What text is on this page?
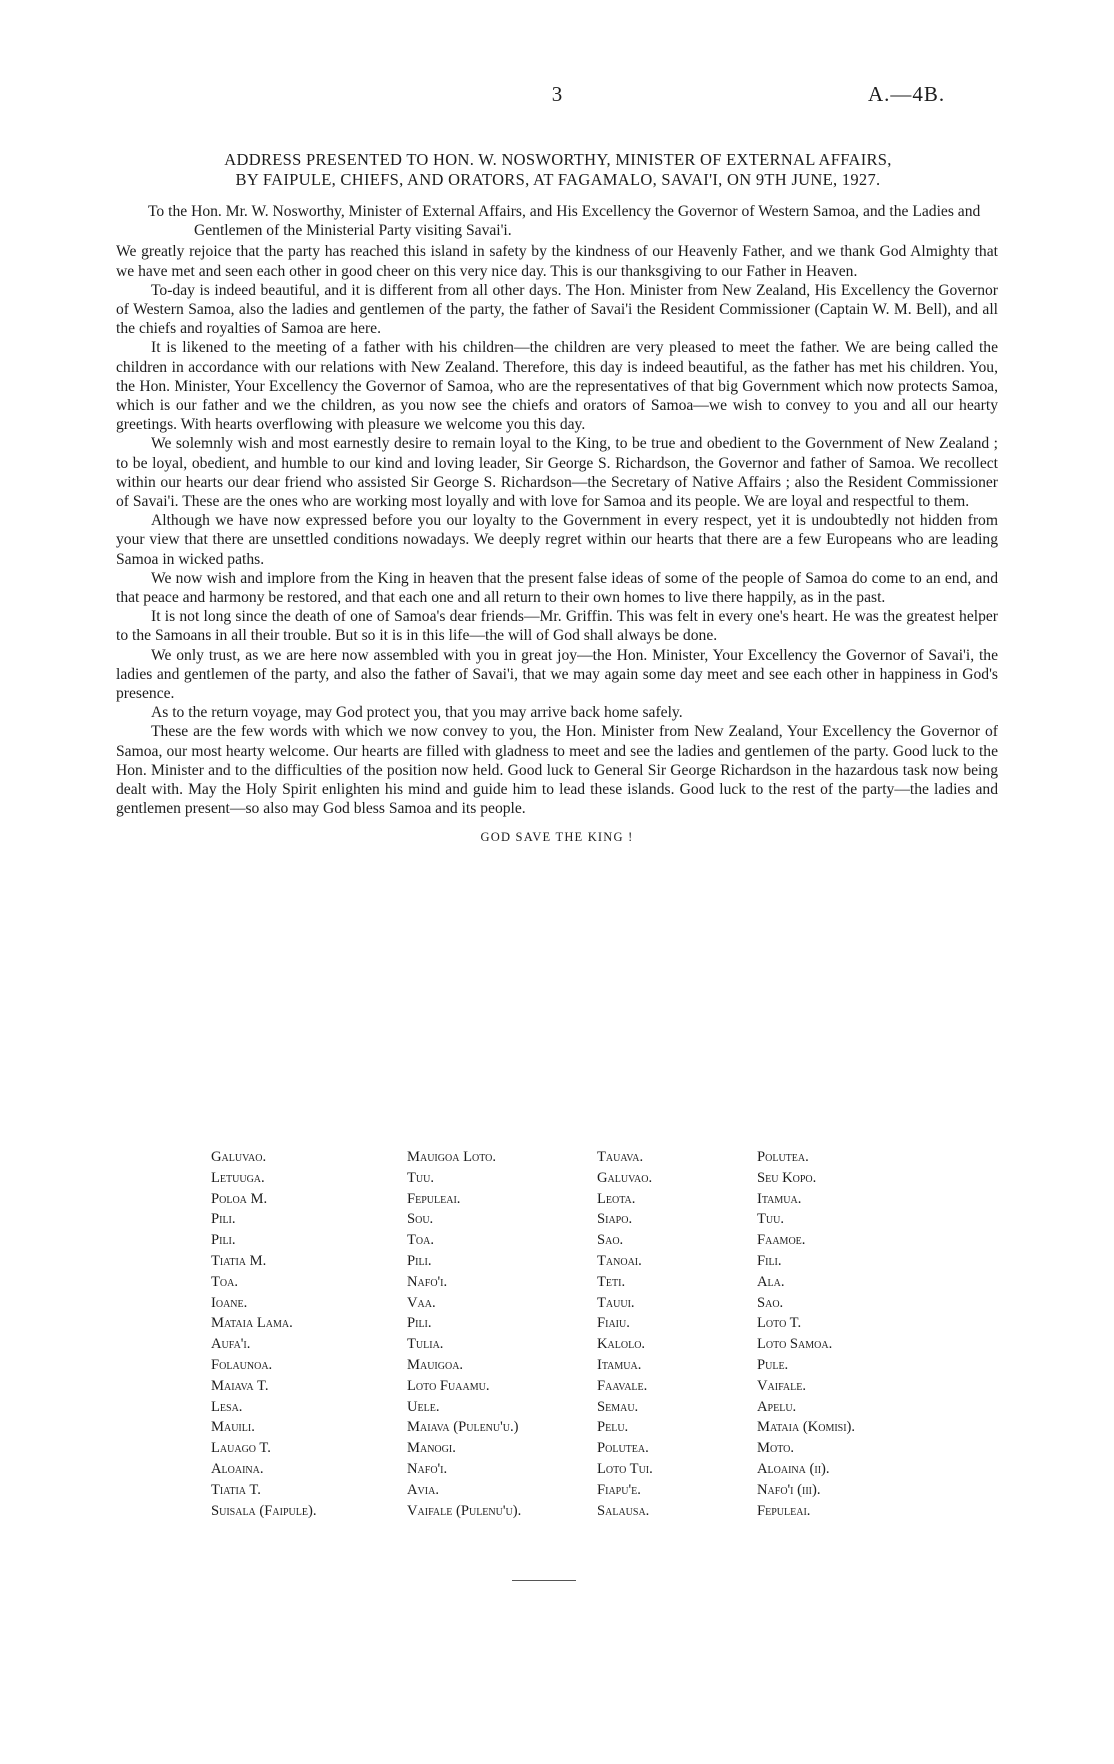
3	A.—4B.
ADDRESS PRESENTED TO HON. W. NOSWORTHY, MINISTER OF EXTERNAL AFFAIRS,
BY FAIPULE, CHIEFS, AND ORATORS, AT FAGAMALO, SAVAI'I, ON 9TH JUNE, 1927.

To the Hon. Mr. W. Nosworthy, Minister of External Affairs, and His Excellency the Governor of Western Samoa, and the Ladies and Gentlemen of the Ministerial Party visiting Savai'i.

We greatly rejoice that the party has reached this island in safety by the kindness of our Heavenly Father, and we thank God Almighty that we have met and seen each other in good cheer on this very nice day. This is our thanksgiving to our Father in Heaven.

To-day is indeed beautiful, and it is different from all other days. The Hon. Minister from New Zealand, His Excellency the Governor of Western Samoa, also the ladies and gentlemen of the party, the father of Savai'i the Resident Commissioner (Captain W. M. Bell), and all the chiefs and royalties of Samoa are here.

It is likened to the meeting of a father with his children—the children are very pleased to meet the father. We are being called the children in accordance with our relations with New Zealand. Therefore, this day is indeed beautiful, as the father has met his children. You, the Hon. Minister, Your Excellency the Governor of Samoa, who are the representatives of that big Government which now protects Samoa, which is our father and we the children, as you now see the chiefs and orators of Samoa—we wish to convey to you and all our hearty greetings. With hearts overflowing with pleasure we welcome you this day.

We solemnly wish and most earnestly desire to remain loyal to the King, to be true and obedient to the Government of New Zealand ; to be loyal, obedient, and humble to our kind and loving leader, Sir George S. Richardson, the Governor and father of Samoa. We recollect within our hearts our dear friend who assisted Sir George S. Richardson—the Secretary of Native Affairs ; also the Resident Commissioner of Savai'i. These are the ones who are working most loyally and with love for Samoa and its people. We are loyal and respectful to them.

Although we have now expressed before you our loyalty to the Government in every respect, yet it is undoubtedly not hidden from your view that there are unsettled conditions nowadays. We deeply regret within our hearts that there are a few Europeans who are leading Samoa in wicked paths.

We now wish and implore from the King in heaven that the present false ideas of some of the people of Samoa do come to an end, and that peace and harmony be restored, and that each one and all return to their own homes to live there happily, as in the past.

It is not long since the death of one of Samoa's dear friends—Mr. Griffin. This was felt in every one's heart. He was the greatest helper to the Samoans in all their trouble. But so it is in this life—the will of God shall always be done.

We only trust, as we are here now assembled with you in great joy—the Hon. Minister, Your Excellency the Governor of Savai'i, the ladies and gentlemen of the party, and also the father of Savai'i, that we may again some day meet and see each other in happiness in God's presence.

As to the return voyage, may God protect you, that you may arrive back home safely.

These are the few words with which we now convey to you, the Hon. Minister from New Zealand, Your Excellency the Governor of Samoa, our most hearty welcome. Our hearts are filled with gladness to meet and see the ladies and gentlemen of the party. Good luck to the Hon. Minister and to the difficulties of the position now held. Good luck to General Sir George Richardson in the hazardous task now being dealt with. May the Holy Spirit enlighten his mind and guide him to lead these islands. Good luck to the rest of the party—the ladies and gentlemen present—so also may God bless Samoa and its people.

GOD SAVE THE KING !
Galuvao.
Letuuga.
Poloa M.
Pili.
Pili.
Tiatia M.
Toa.
Ioane.
Mataia Lama.
Aufa'i.
Folaunoa.
Maiava T.
Lesa.
Mauili.
Lauago T.
Aloaina.
Tiatia T.
Suisala (Faipule).
Mauigoa Loto.
Tuu.
Fepuleai.
Sou.
Toa.
Pili.
Nafo'i.
Vaa.
Pili.
Tulia.
Mauigoa.
Loto Fuaamu.
Uele.
Maiava (Pulenu'u.)
Manogi.
Nafo'i.
Avia.
Vaifale (Pulenu'u).
Tauava.
Galuvao.
Leota.
Siapo.
Sao.
Tanoai.
Teti.
Tauui.
Fiaiu.
Kalolo.
Itamua.
Faavale.
Semau.
Pelu.
Polutea.
Loto Tui.
Fiapu'e.
Salausa.
Polutea.
Seu Kopo.
Itamua.
Tuu.
Faamoe.
Fili.
Ala.
Sao.
Loto T.
Loto Samoa.
Pule.
Vaifale.
Apelu.
Mataia (Komisi).
Moto.
Aloaina (ii).
Nafo'i (iii).
Fepuleai.
